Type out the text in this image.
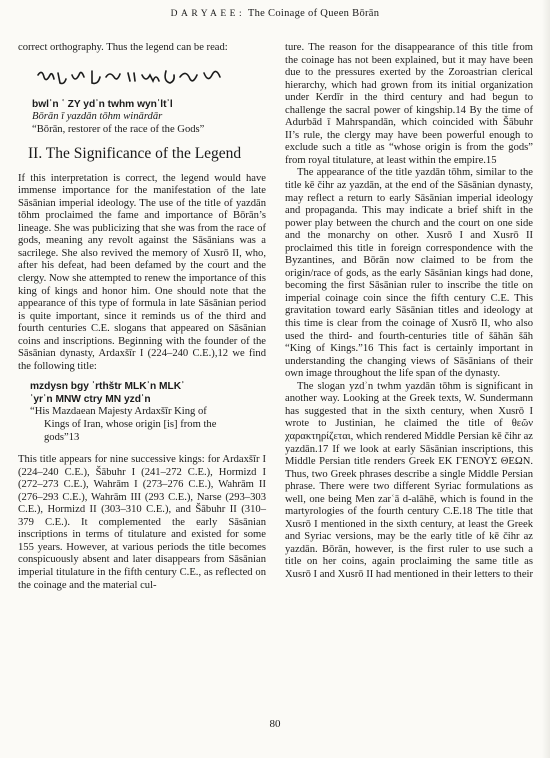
DARYAEE: The Coinage of Queen Bōrān

correct orthography. Thus the legend can be read:

bwlʾn ʿ ZY ydʾn twhm wynʾltʾl
Bōrān ī yazdān tōhm winārdār
“Bōrān, restorer of the race of the Gods”
II. The Significance of the Legend

If this interpretation is correct, the legend would have immense importance for the manifestation of the late Sāsānian imperial ideology. The use of the title of yazdān tōhm proclaimed the fame and importance of Bōrān’s lineage. She was publicizing that she was from the race of gods, meaning any revolt against the Sāsānians was a sacrilege. She also revived the memory of Xusrō II, who, after his defeat, had been defamed by the court and the clergy. Now she attempted to renew the importance of this king of kings and honor him. One should note that the appearance of this type of formula in late Sāsānian period is quite important, since it reminds us of the third and fourth centuries C.E. slogans that appeared on Sāsānian coins and inscriptions. Beginning with the founder of the Sāsānian dynasty, Ardaxšīr I (224–240 C.E.),12 we find the following title:

mzdysn bgy ʾrthštr MLKʾn MLKʾ
ʾyrʾn MNW ctry MN yzdʾn
“His Mazdaean Majesty Ardaxšīr King of
Kings of Iran, whose origin [is] from the
gods”13

This title appears for nine successive kings: for Ardaxšīr I (224–240 C.E.), Šābuhr I (241–272 C.E.), Hormizd I (272–273 C.E.), Wahrām I (273–276 C.E.), Wahrām II (276–293 C.E.), Wahrām III (293 C.E.), Narse (293–303 C.E.), Hormizd II (303–310 C.E.), and Šābuhr II (310–379 C.E.). It complemented the early Sāsānian inscriptions in terms of titulature and existed for some 155 years. However, at various periods the title becomes conspicuously absent and later disappears from Sāsānian imperial titulature in the fifth century C.E., as reflected on the coinage and the material cul-

ture. The reason for the disappearance of this title from the coinage has not been explained, but it may have been due to the pressures exerted by the Zoroastrian clerical hierarchy, which had grown from its initial organization under Kerdīr in the third century and had begun to challenge the sacral power of kingship.14 By the time of Adurbād ī Mahrspandān, which coincided with Šābuhr II’s rule, the clergy may have been powerful enough to exclude such a title as “whose origin is from the gods” from royal titulature, at least within the empire.15

The appearance of the title yazdān tōhm, similar to the title kē čihr az yazdān, at the end of the Sāsānian dynasty, may reflect a return to early Sāsānian imperial ideology and propaganda. This may indicate a brief shift in the power play between the church and the court on one side and the monarchy on other. Xusrō I and Xusrō II proclaimed this title in foreign correspondence with the Byzantines, and Bōrān now claimed to be from the origin/race of gods, as the early Sāsānian kings had done, becoming the first Sāsānian ruler to inscribe the title on imperial coinage coin since the fifth century C.E. This gravitation toward early Sāsānian titles and ideology at this time is clear from the coinage of Xusrō II, who also used the third- and fourth-centuries title of šāhān šāh “King of Kings.”16 This fact is certainly important in understanding the changing views of Sāsānians of their own image throughout the life span of the dynasty.

The slogan yzdʾn twhm yazdān tōhm is significant in another way. Looking at the Greek texts, W. Sundermann has suggested that in the sixth century, when Xusrō I wrote to Justinian, he claimed the title of θεῶν χαρακτηρίζεται, which rendered Middle Persian kē čihr az yazdān.17 If we look at early Sāsānian inscriptions, this Middle Persian title renders Greek ΕΚ ΓΕΝΟΥΣ ΘΕΩΝ. Thus, two Greek phrases describe a single Middle Persian phrase. There were two different Syriac formulations as well, one being Men zarʿā d-alāhē, which is found in the martyrologies of the fourth century C.E.18 The title that Xusrō I mentioned in the sixth century, at least the Greek and Syriac versions, may be the early title of kē čihr az yazdān. Bōrān, however, is the first ruler to use such a title on her coins, again proclaiming the same title as Xusrō I and Xusrō II had mentioned in their letters to their

80
